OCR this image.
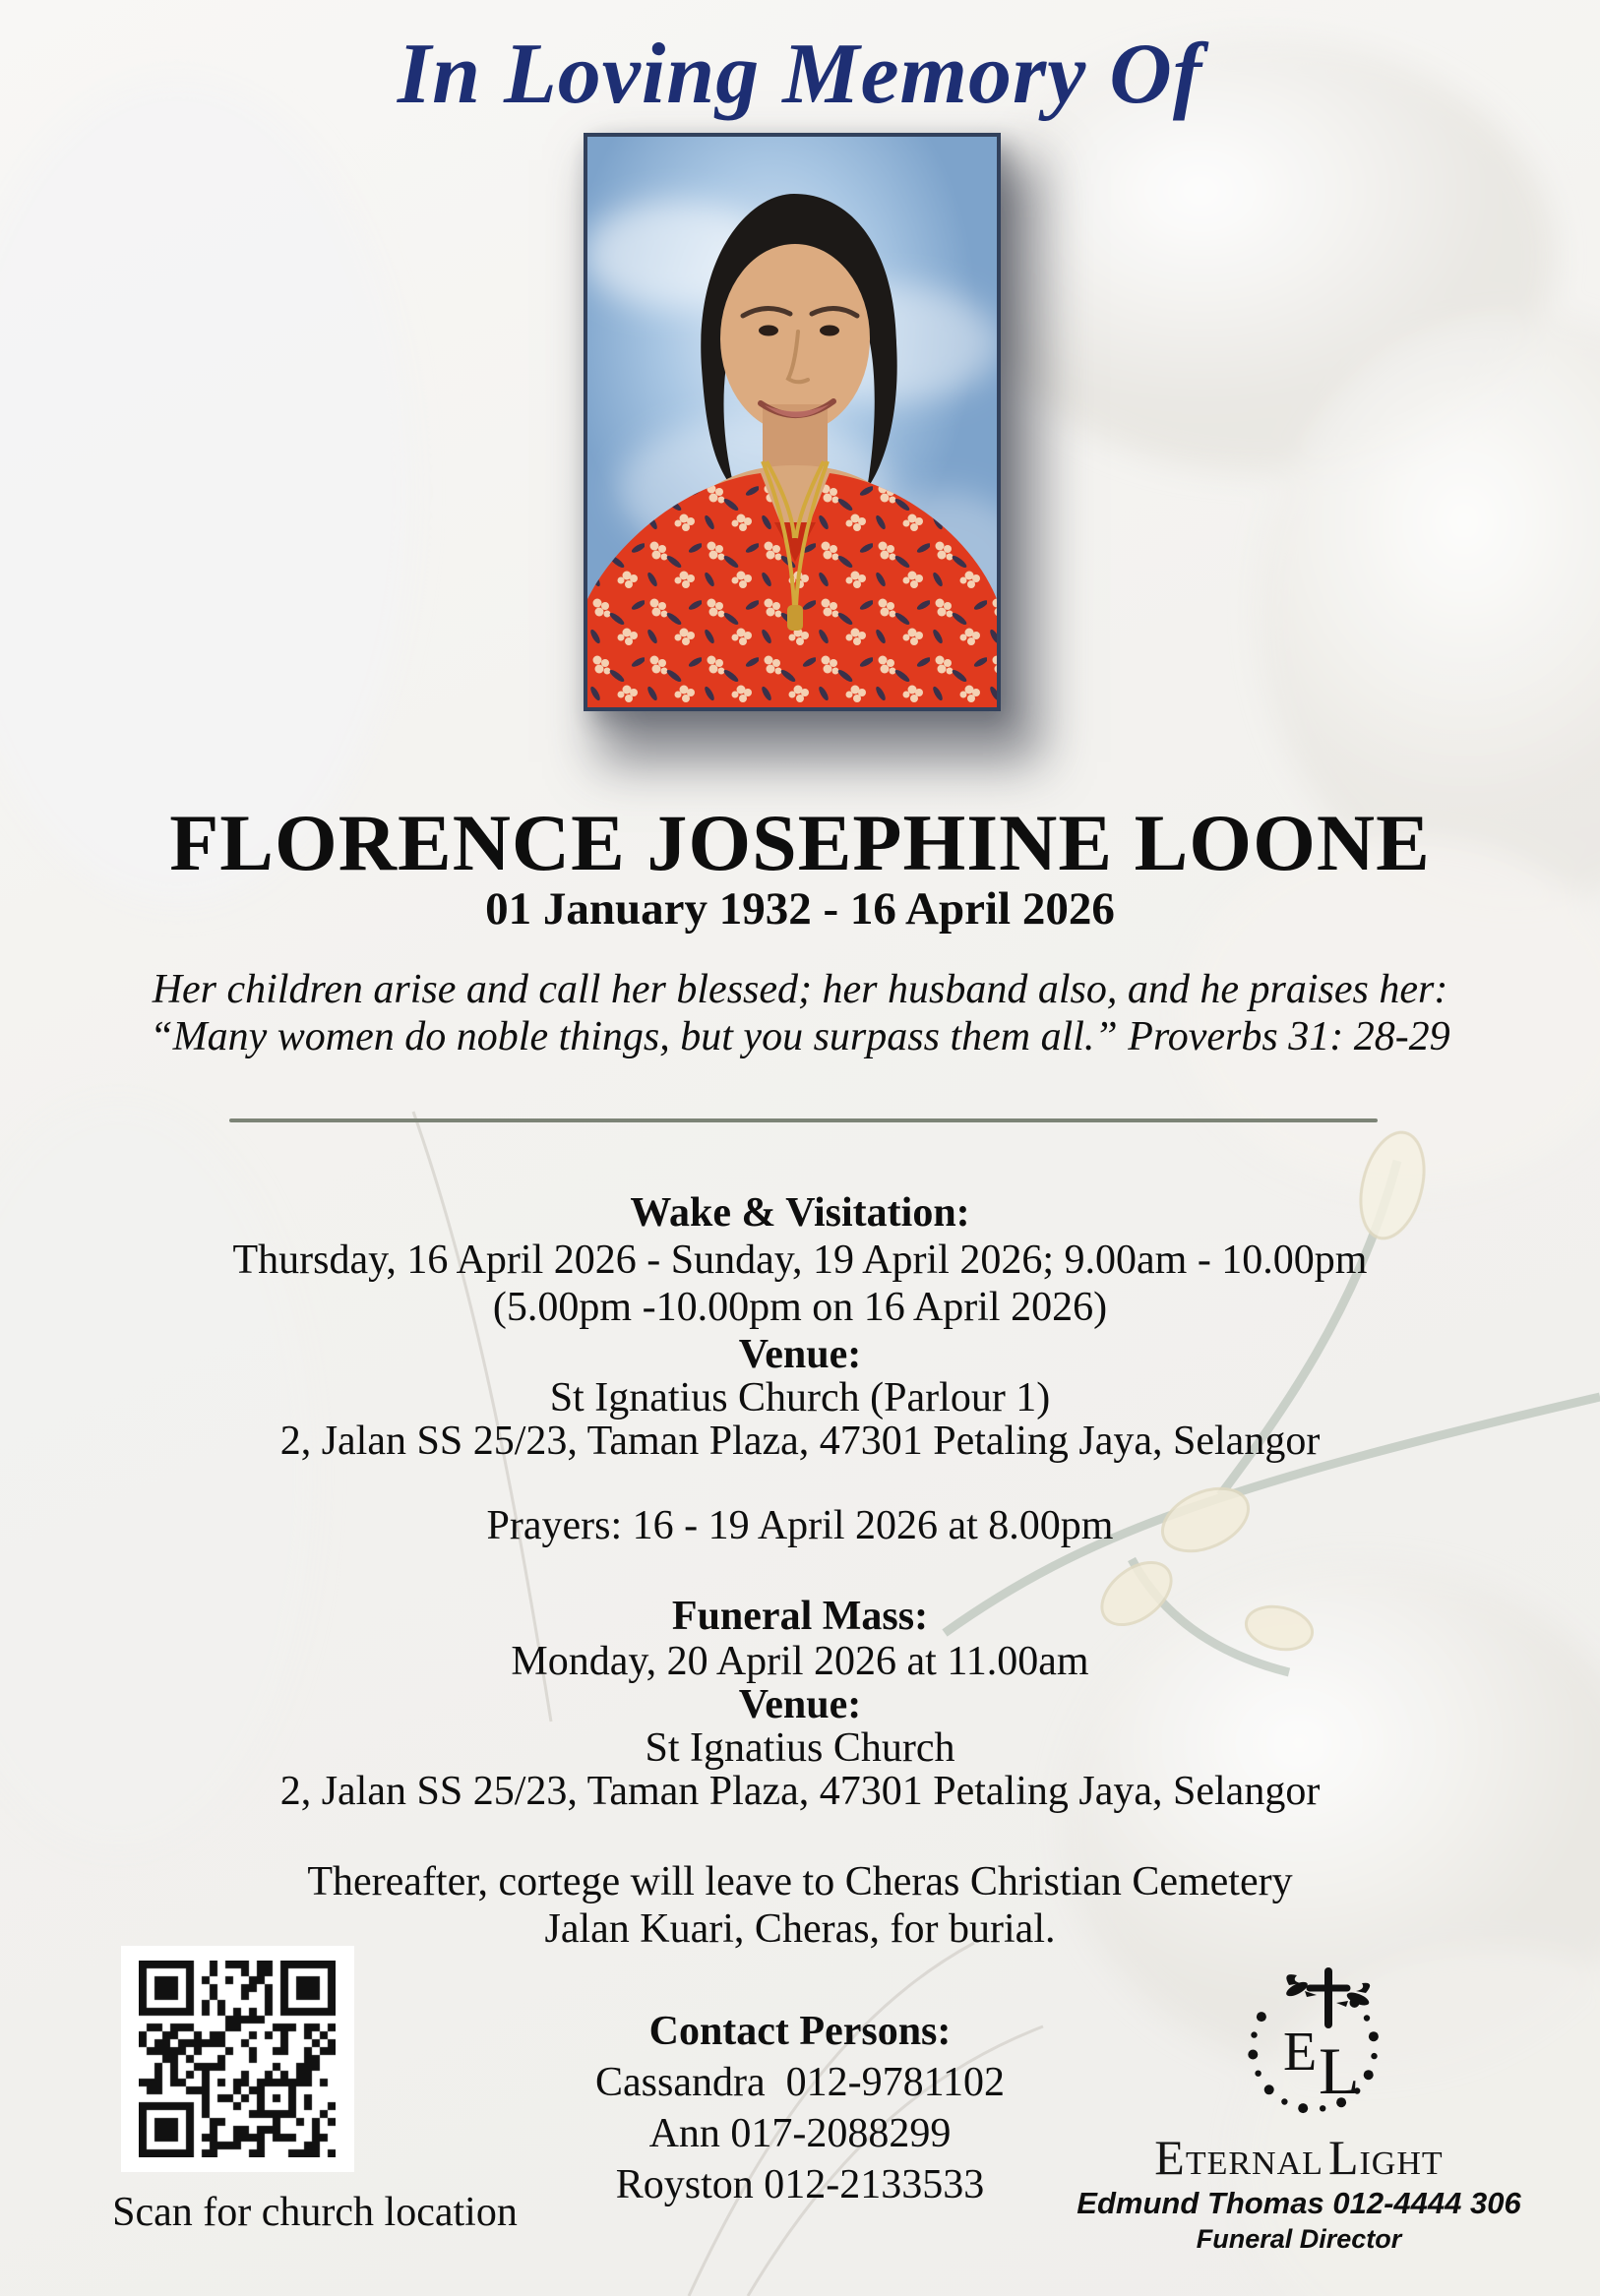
In Loving Memory Of

FLORENCE JOSEPHINE LOONE

01 January 1932 - 16 April 2026

Her children arise and call her blessed; her husband also, and he praises her:

“Many women do noble things, but you surpass them all.” Proverbs 31: 28-29

Wake & Visitation:

Thursday, 16 April 2026 - Sunday, 19 April 2026; 9.00am - 10.00pm

(5.00pm -10.00pm on 16 April 2026)

Venue:

St Ignatius Church (Parlour 1)

2, Jalan SS 25/23, Taman Plaza, 47301 Petaling Jaya, Selangor

Prayers: 16 - 19 April 2026 at 8.00pm

Funeral Mass:

Monday, 20 April 2026 at 11.00am

Venue:

St Ignatius Church

2, Jalan SS 25/23, Taman Plaza, 47301 Petaling Jaya, Selangor

Thereafter, cortege will leave to Cheras Christian Cemetery

Jalan Kuari, Cheras, for burial.

Contact Persons:

Cassandra  012-9781102

Ann 017-2088299

Royston 012-2133533

Scan for church location

E L

ETERNAL LIGHT

Edmund Thomas 012-4444 306

Funeral Director
